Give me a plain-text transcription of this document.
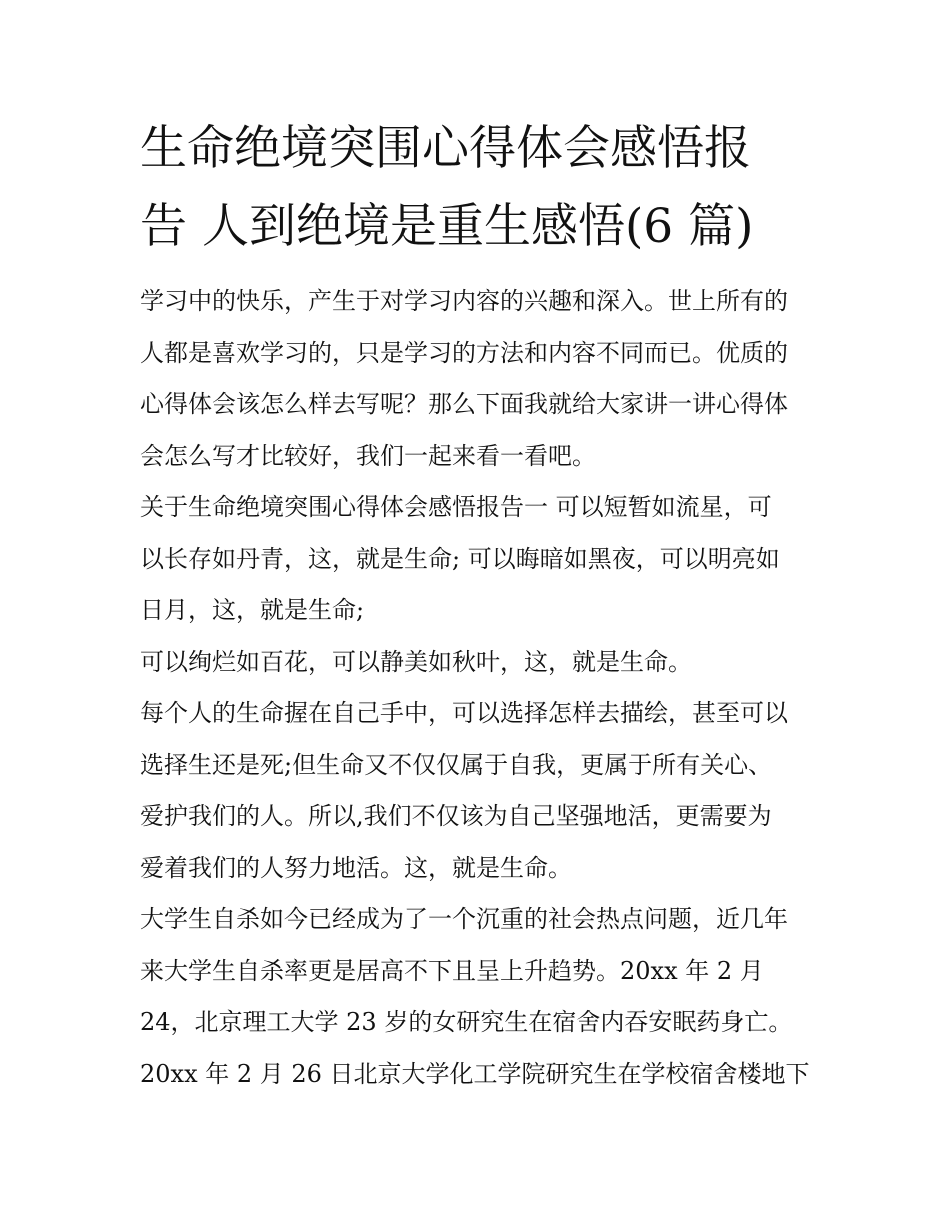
生命绝境突围心得体会感悟报
告 人到绝境是重生感悟(6 篇)
学习中的快乐，产生于对学习内容的兴趣和深入。世上所有的
人都是喜欢学习的，只是学习的方法和内容不同而已。优质的
心得体会该怎么样去写呢？那么下面我就给大家讲一讲心得体
会怎么写才比较好，我们一起来看一看吧。
关于生命绝境突围心得体会感悟报告一 可以短暂如流星，可
以长存如丹青，这，就是生命; 可以晦暗如黑夜，可以明亮如
日月，这，就是生命;
可以绚烂如百花，可以静美如秋叶，这，就是生命。
每个人的生命握在自己手中，可以选择怎样去描绘，甚至可以
选择生还是死;但生命又不仅仅属于自我，更属于所有关心、
爱护我们的人。所以,我们不仅该为自己坚强地活，更需要为
爱着我们的人努力地活。这，就是生命。
大学生自杀如今已经成为了一个沉重的社会热点问题，近几年
来大学生自杀率更是居高不下且呈上升趋势。20xx 年 2 月
24，北京理工大学 23 岁的女研究生在宿舍内吞安眠药身亡。
20xx 年 2 月 26 日北京大学化工学院研究生在学校宿舍楼地下
